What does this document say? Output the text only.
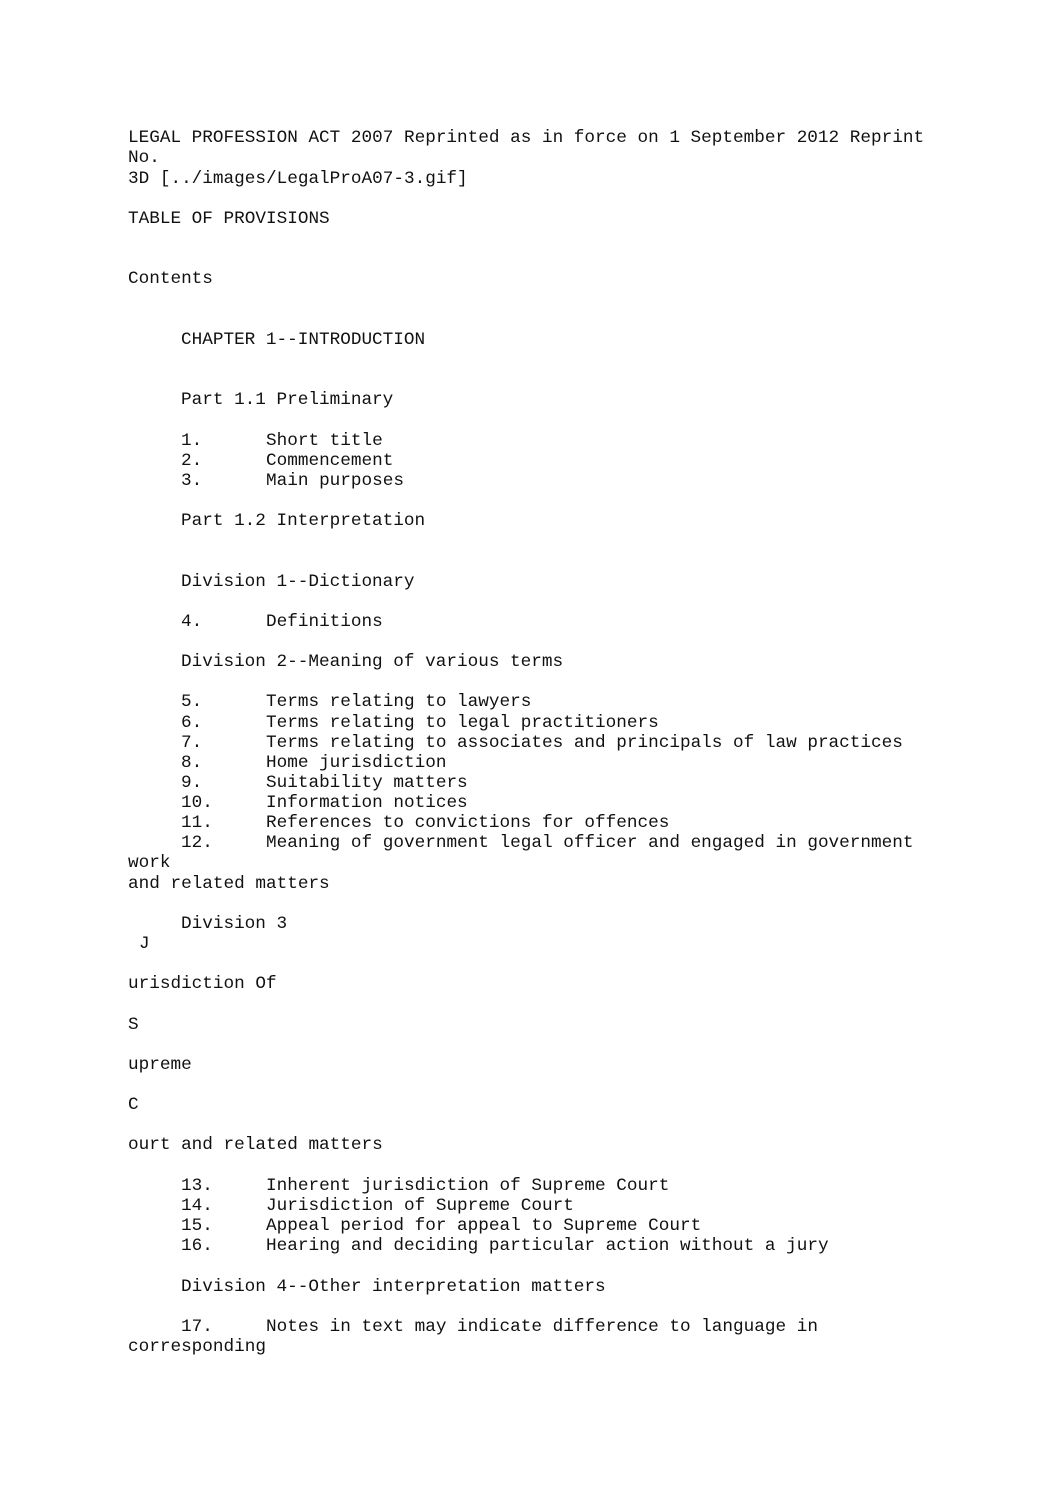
LEGAL PROFESSION ACT 2007 Reprinted as in force on 1 September 2012 Reprint
No.
3D [../images/LegalProA07-3.gif]
TABLE OF PROVISIONS
Contents
CHAPTER 1--INTRODUCTION
Part 1.1 Preliminary
1.	Short title
2.	Commencement
3.	Main purposes
Part 1.2 Interpretation
Division 1--Dictionary
4.	Definitions
Division 2--Meaning of various terms
5.	Terms relating to lawyers
6.	Terms relating to legal practitioners
7.	Terms relating to associates and principals of law practices
8.	Home jurisdiction
9.	Suitability matters
10.	Information notices
11.	References to convictions for offences
12.	Meaning of government legal officer and engaged in government
work
and related matters
Division 3
J
urisdiction Of
S
upreme
C
ourt and related matters
13.	Inherent jurisdiction of Supreme Court
14.	Jurisdiction of Supreme Court
15.	Appeal period for appeal to Supreme Court
16.	Hearing and deciding particular action without a jury
Division 4--Other interpretation matters
17.	Notes in text may indicate difference to language in
corresponding
